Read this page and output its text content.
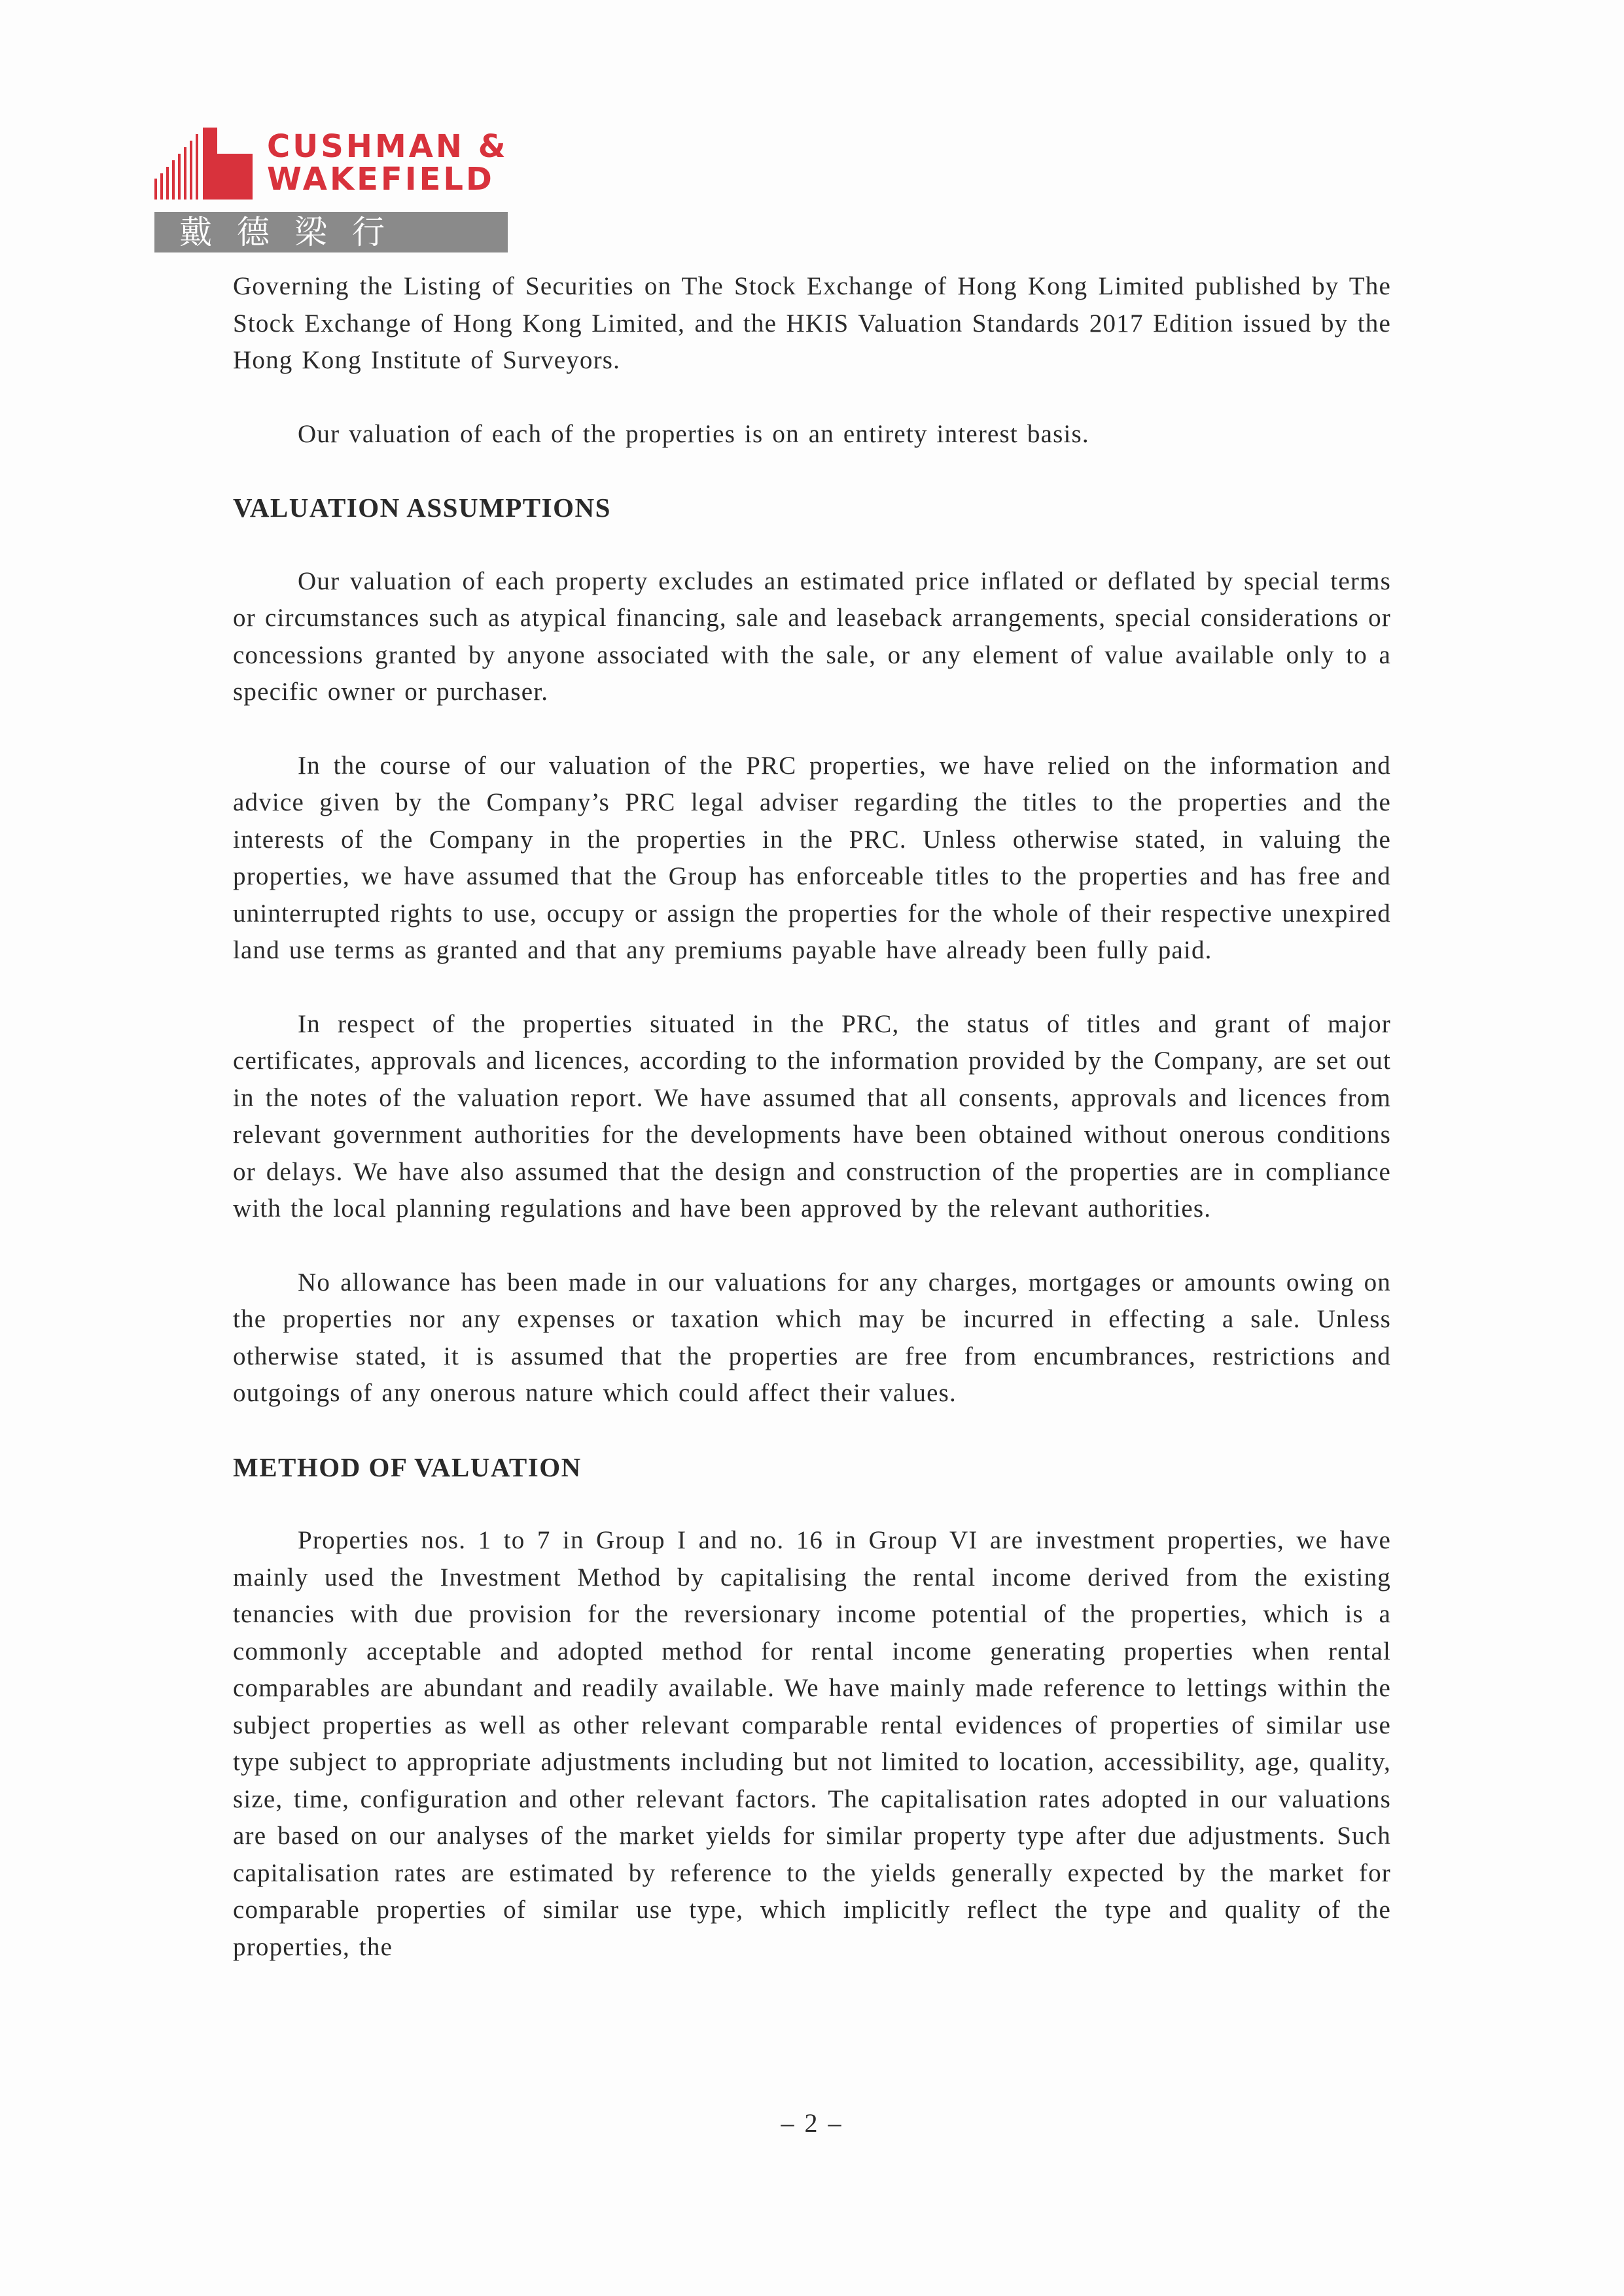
CUSHMAN &
WAKEFIELD
戴德梁行

Governing the Listing of Securities on The Stock Exchange of Hong Kong Limited published by The Stock Exchange of Hong Kong Limited, and the HKIS Valuation Standards 2017 Edition issued by the Hong Kong Institute of Surveyors.

Our valuation of each of the properties is on an entirety interest basis.

VALUATION ASSUMPTIONS

Our valuation of each property excludes an estimated price inflated or deflated by special terms or circumstances such as atypical financing, sale and leaseback arrangements, special considerations or concessions granted by anyone associated with the sale, or any element of value available only to a specific owner or purchaser.

In the course of our valuation of the PRC properties, we have relied on the information and advice given by the Company’s PRC legal adviser regarding the titles to the properties and the interests of the Company in the properties in the PRC. Unless otherwise stated, in valuing the properties, we have assumed that the Group has enforceable titles to the properties and has free and uninterrupted rights to use, occupy or assign the properties for the whole of their respective unexpired land use terms as granted and that any premiums payable have already been fully paid.

In respect of the properties situated in the PRC, the status of titles and grant of major certificates, approvals and licences, according to the information provided by the Company, are set out in the notes of the valuation report. We have assumed that all consents, approvals and licences from relevant government authorities for the developments have been obtained without onerous conditions or delays. We have also assumed that the design and construction of the properties are in compliance with the local planning regulations and have been approved by the relevant authorities.

No allowance has been made in our valuations for any charges, mortgages or amounts owing on the properties nor any expenses or taxation which may be incurred in effecting a sale. Unless otherwise stated, it is assumed that the properties are free from encumbrances, restrictions and outgoings of any onerous nature which could affect their values.

METHOD OF VALUATION

Properties nos. 1 to 7 in Group I and no. 16 in Group VI are investment properties, we have mainly used the Investment Method by capitalising the rental income derived from the existing tenancies with due provision for the reversionary income potential of the properties, which is a commonly acceptable and adopted method for rental income generating properties when rental comparables are abundant and readily available. We have mainly made reference to lettings within the subject properties as well as other relevant comparable rental evidences of properties of similar use type subject to appropriate adjustments including but not limited to location, accessibility, age, quality, size, time, configuration and other relevant factors. The capitalisation rates adopted in our valuations are based on our analyses of the market yields for similar property type after due adjustments. Such capitalisation rates are estimated by reference to the yields generally expected by the market for comparable properties of similar use type, which implicitly reflect the type and quality of the properties, the

– 2 –
